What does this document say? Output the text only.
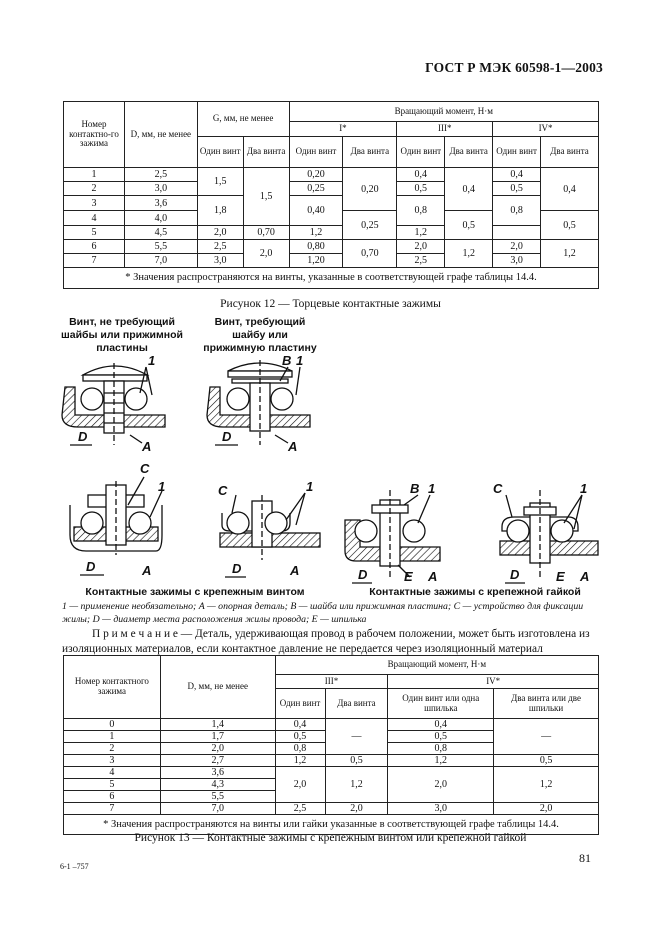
ГОСТ Р МЭК 60598-1—2003
Номер контактно-го зажима	D, мм, не менее	G, мм, не менее		Вращающий момент, Н·м					
				I*		III*		IV*	
		Один винт	Два винта	Один винт	Два винта	Один винт	Два винта	Один винт	Два винта
1	2,5	1,5	1,5	0,20	0,20	0,4	0,4	0,4	0,4
2	3,0			0,25		0,5		0,5	
3	3,6	1,8		0,40		0,8		0,8	
4	4,0				0,25		0,5		0,5
5	4,5	2,0	0,70	1,2		1,2			
6	5,5	2,5	2,0	0,80	0,70	2,0	1,2	2,0	1,2
7	7,0	3,0		1,20		2,5		3,0	
* Значения распространяются на винты, указанные в соответствующей графе таблицы 14.4.									
Рисунок 12 — Торцевые контактные зажимы
Винт, не требующий шайбы или прижимной пластины
Винт, требующий шайбу или прижимную пластину
1
A
D
B 1
A
D
C
1
A
D
C	1
A
D
B 1
E A
D
C	1
E A
D
Контактные зажимы с крепежным винтом	Контактные зажимы с крепежной гайкой
1 — применение необязательно; A — опорная деталь; B — шайба или прижимная пластина; C — устройство для фиксации жилы; D — диаметр места расположения жилы провода; E — шпилька
П р и м е ч а н и е — Деталь, удерживающая провод в рабочем положении, может быть изготовлена из изоляционных материалов, если контактное давление не передается через изоляционный материал
Номер контактного зажима	D, мм, не менее	Вращающий момент, Н·м			
		III*		IV*	
		Один винт	Два винта	Один винт или одна шпилька	Два винта или две шпильки
0	1,4	0,4	—	0,4	—
1	1,7	0,5		0,5	
2	2,0	0,8		0,8	
3	2,7	1,2	0,5	1,2	0,5
4	3,6	2,0	1,2	2,0	1,2
5	4,3				
6	5,5				
7	7,0	2,5	2,0	3,0	2,0
* Значения распространяются на винты или гайки указанные в соответствующей графе таблицы 14.4.					
Рисунок 13 — Контактные зажимы с крепежным винтом или крепежной гайкой
6-1 –757
81
